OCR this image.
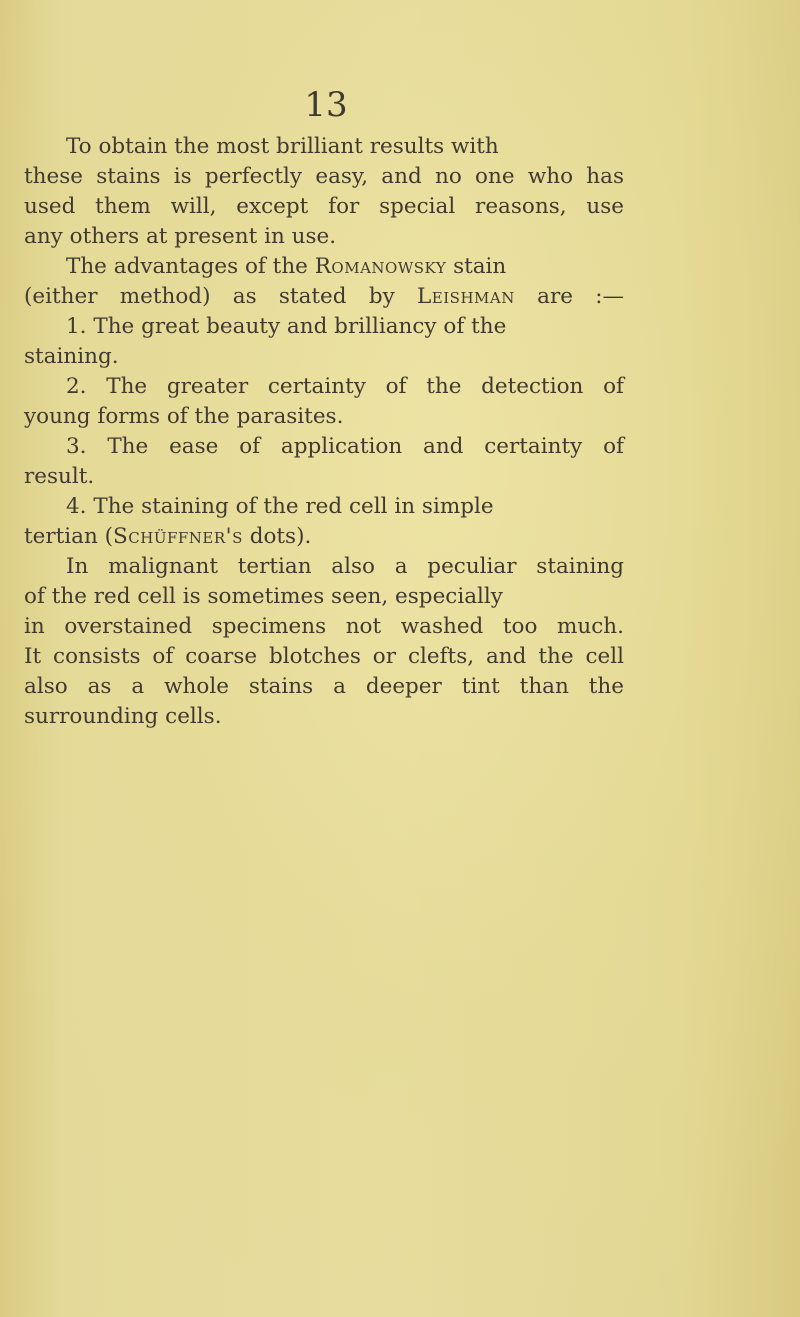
13
To obtain the most brilliant results with
these stains is perfectly easy, and no one who has
used them will, except for special reasons, use
any others at present in use.
The advantages of the Romanowsky stain
(either method) as stated by Leishman are :—
1. The great beauty and brilliancy of the
staining.
2. The greater certainty of the detection of
young forms of the parasites.
3. The ease of application and certainty of
result.
4. The staining of the red cell in simple
tertian (Schüffner's dots).
In malignant tertian also a peculiar staining
of the red cell is sometimes seen, especially
in overstained specimens not washed too much.
It consists of coarse blotches or clefts, and the cell
also as a whole stains a deeper tint than the
surrounding cells.
